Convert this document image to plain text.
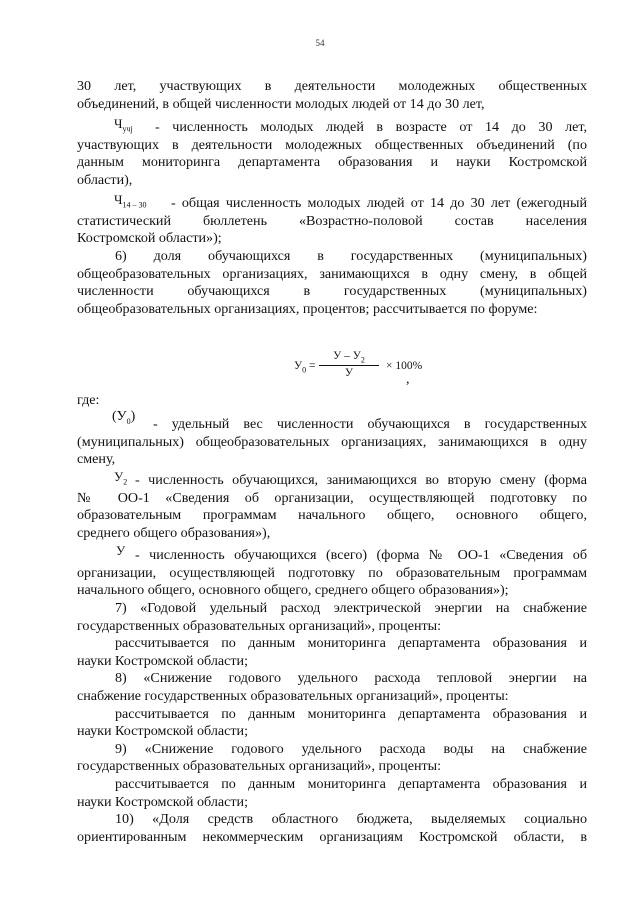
54
30 лет, участвующих в деятельности молодежных общественных
объединений, в общей численности молодых людей от 14 до 30 лет,
$Ч_{учj}$	- численность молодых людей в возрасте от 14 до 30 лет,
участвующих в деятельности молодежных общественных объединений (по
данным мониторинга департамента образования и науки Костромской
области),
$Ч_{14 - 30}$	- общая численность молодых людей от 14 до 30 лет (ежегодный
статистический бюллетень «Возрастно-половой состав населения
Костромской области»);
6) доля обучающихся в государственных (муниципальных)
общеобразовательных организациях, занимающихся в одну смену, в общей
численности обучающихся в государственных (муниципальных)
общеобразовательных организациях, процентов; рассчитывается по форуме:
$У_0$ =
У – $У_2$
У
× 100%
,
где:
$(У_0)$	- удельный вес численности обучающихся в государственных
(муниципальных) общеобразовательных организациях, занимающихся в одну
смену,
$У_2$ - численность обучающихся, занимающихся во вторую смену (форма
№ ОО-1 «Сведения об организации, осуществляющей подготовку по
образовательным программам начального общего, основного общего,
среднего общего образования»),
У - численность обучающихся (всего) (форма № ОО-1 «Сведения об
организации, осуществляющей подготовку по образовательным программам
начального общего, основного общего, среднего общего образования»);
7) «Годовой удельный расход электрической энергии на снабжение
государственных образовательных организаций», проценты:
рассчитывается по данным мониторинга департамента образования и
науки Костромской области;
8) «Снижение годового удельного расхода тепловой энергии на
снабжение государственных образовательных организаций», проценты:
рассчитывается по данным мониторинга департамента образования и
науки Костромской области;
9) «Снижение годового удельного расхода воды на снабжение
государственных образовательных организаций», проценты:
рассчитывается по данным мониторинга департамента образования и
науки Костромской области;
10) «Доля средств областного бюджета, выделяемых социально
ориентированным некоммерческим организациям Костромской области, в
